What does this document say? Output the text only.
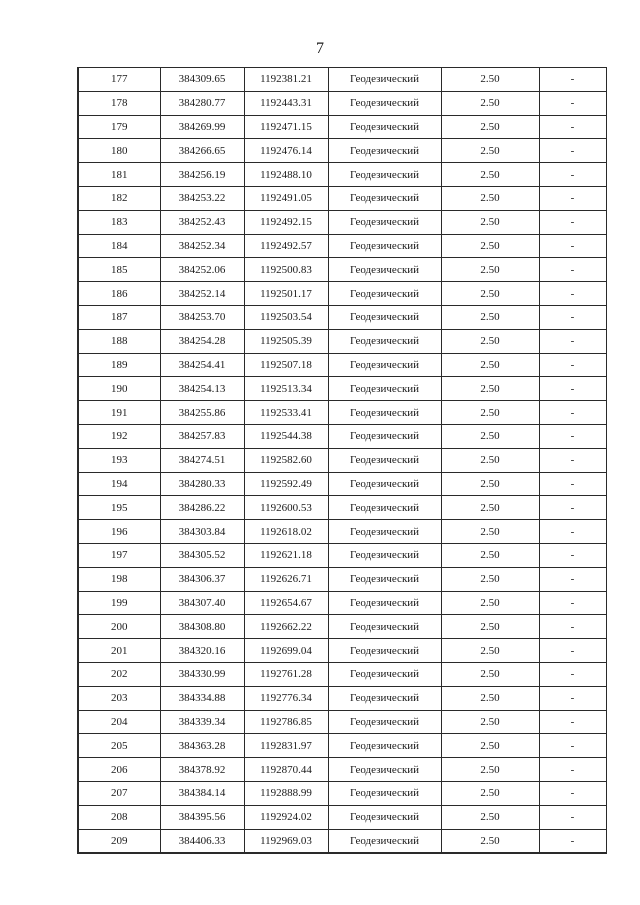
7
177	384309.65	1192381.21	Геодезический	2.50	-
178	384280.77	1192443.31	Геодезический	2.50	-
179	384269.99	1192471.15	Геодезический	2.50	-
180	384266.65	1192476.14	Геодезический	2.50	-
181	384256.19	1192488.10	Геодезический	2.50	-
182	384253.22	1192491.05	Геодезический	2.50	-
183	384252.43	1192492.15	Геодезический	2.50	-
184	384252.34	1192492.57	Геодезический	2.50	-
185	384252.06	1192500.83	Геодезический	2.50	-
186	384252.14	1192501.17	Геодезический	2.50	-
187	384253.70	1192503.54	Геодезический	2.50	-
188	384254.28	1192505.39	Геодезический	2.50	-
189	384254.41	1192507.18	Геодезический	2.50	-
190	384254.13	1192513.34	Геодезический	2.50	-
191	384255.86	1192533.41	Геодезический	2.50	-
192	384257.83	1192544.38	Геодезический	2.50	-
193	384274.51	1192582.60	Геодезический	2.50	-
194	384280.33	1192592.49	Геодезический	2.50	-
195	384286.22	1192600.53	Геодезический	2.50	-
196	384303.84	1192618.02	Геодезический	2.50	-
197	384305.52	1192621.18	Геодезический	2.50	-
198	384306.37	1192626.71	Геодезический	2.50	-
199	384307.40	1192654.67	Геодезический	2.50	-
200	384308.80	1192662.22	Геодезический	2.50	-
201	384320.16	1192699.04	Геодезический	2.50	-
202	384330.99	1192761.28	Геодезический	2.50	-
203	384334.88	1192776.34	Геодезический	2.50	-
204	384339.34	1192786.85	Геодезический	2.50	-
205	384363.28	1192831.97	Геодезический	2.50	-
206	384378.92	1192870.44	Геодезический	2.50	-
207	384384.14	1192888.99	Геодезический	2.50	-
208	384395.56	1192924.02	Геодезический	2.50	-
209	384406.33	1192969.03	Геодезический	2.50	-
